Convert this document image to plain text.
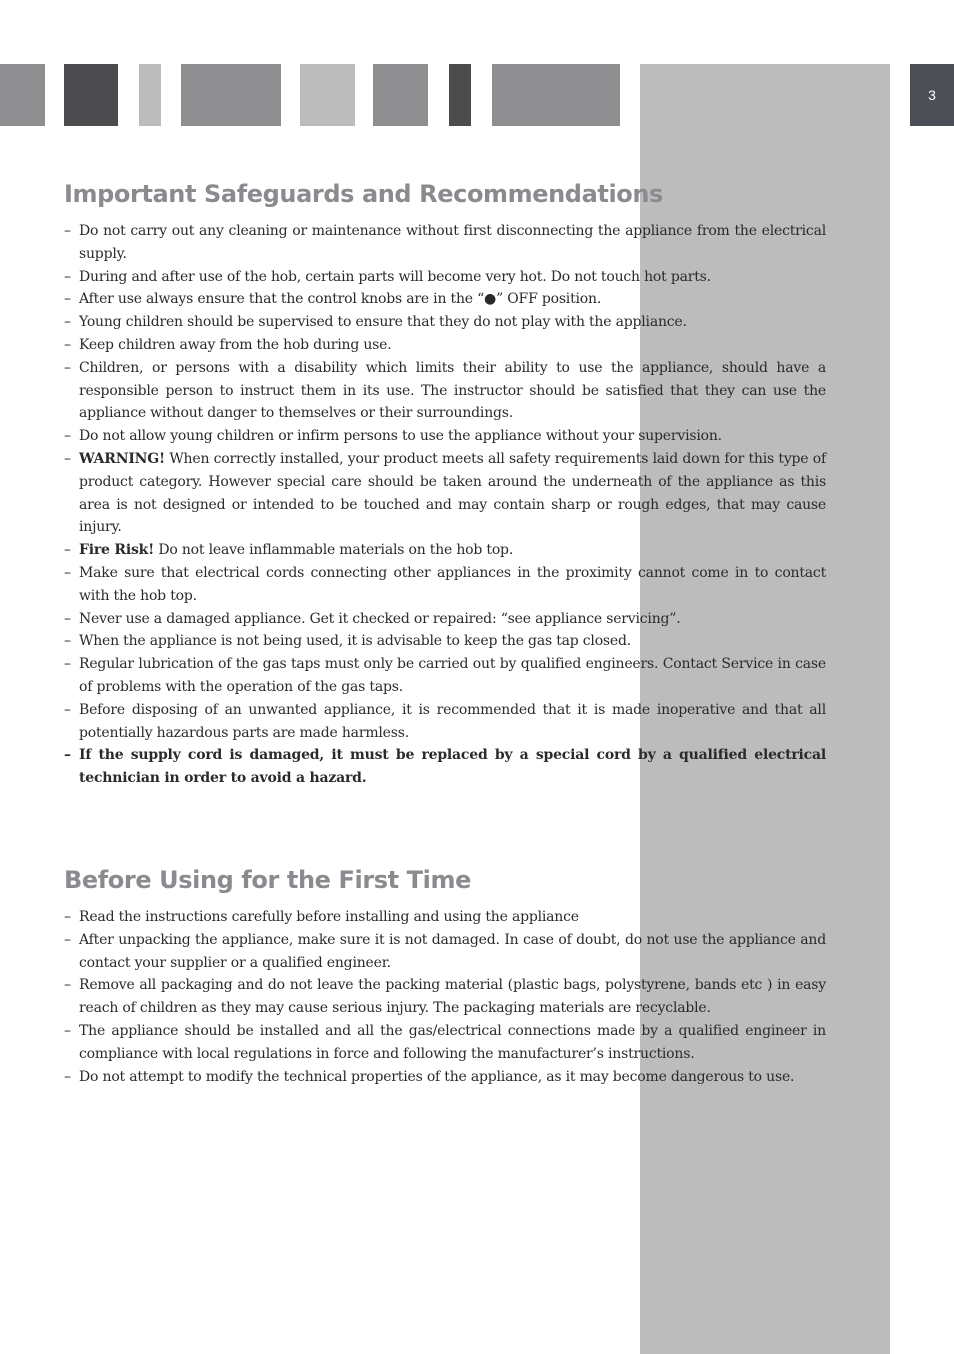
3
Important Safeguards and Recommendations
– Do not carry out any cleaning or maintenance without first disconnecting the appliance from the electrical supply.
– During and after use of the hob, certain parts will become very hot. Do not touch hot parts.
– After use always ensure that the control knobs are in the “●” OFF position.
– Young children should be supervised to ensure that they do not play with the appliance.
– Keep children away from the hob during use.
– Children, or persons with a disability which limits their ability to use the appliance, should have a responsible person to instruct them in its use. The instructor should be satisfied that they can use the appliance without danger to themselves or their surroundings.
– Do not allow young children or infirm persons to use the appliance without your supervision.
– WARNING! When correctly installed, your product meets all safety requirements laid down for this type of product category. However special care should be taken around the underneath of the appliance as this area is not designed or intended to be touched and may contain sharp or rough edges, that may cause injury.
– Fire Risk! Do not leave inflammable materials on the hob top.
– Make sure that electrical cords connecting other appliances in the proximity cannot come in to contact with the hob top.
– Never use a damaged appliance. Get it checked or repaired: “see appliance servicing”.
– When the appliance is not being used, it is advisable to keep the gas tap closed.
– Regular lubrication of the gas taps must only be carried out by qualified engineers. Contact Service in case of problems with the operation of the gas taps.
– Before disposing of an unwanted appliance, it is recommended that it is made inoperative and that all potentially hazardous parts are made harmless.
– If the supply cord is damaged, it must be replaced by a special cord by a qualified electrical technician in order to avoid a hazard.
Before Using for the First Time
– Read the instructions carefully before installing and using the appliance
– After unpacking the appliance, make sure it is not damaged. In case of doubt, do not use the appliance and contact your supplier or a qualified engineer.
– Remove all packaging and do not leave the packing material (plastic bags, polystyrene, bands etc ) in easy reach of children as they may cause serious injury. The packaging materials are recyclable.
– The appliance should be installed and all the gas/electrical connections made by a qualified engineer in compliance with local regulations in force and following the manufacturer’s instructions.
– Do not attempt to modify the technical properties of the appliance, as it may become dangerous to use.
